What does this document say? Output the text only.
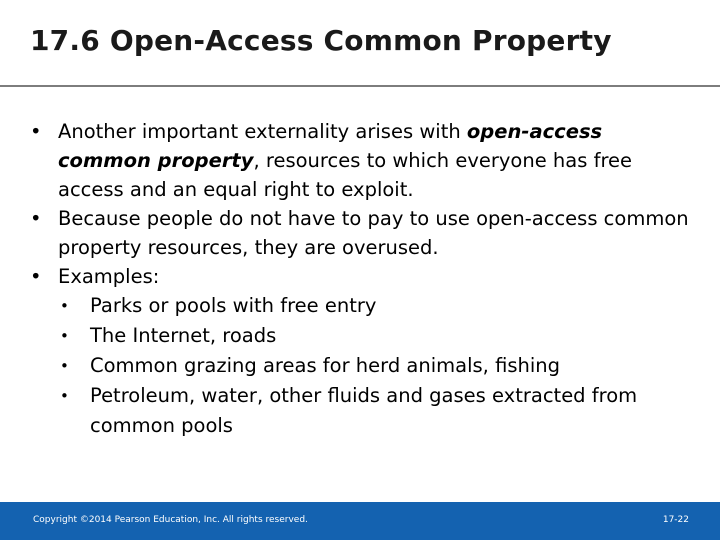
17.6 Open-Access Common Property
• Another important externality arises with open-access common property, resources to which everyone has free access and an equal right to exploit.
• Because people do not have to pay to use open-access common property resources, they are overused.
• Examples:
•	Parks or pools with free entry
•	The Internet, roads
•	Common grazing areas for herd animals, fishing
•	Petroleum, water, other fluids and gases extracted from common pools
Copyright ©2014 Pearson Education, Inc. All rights reserved.	17-22
